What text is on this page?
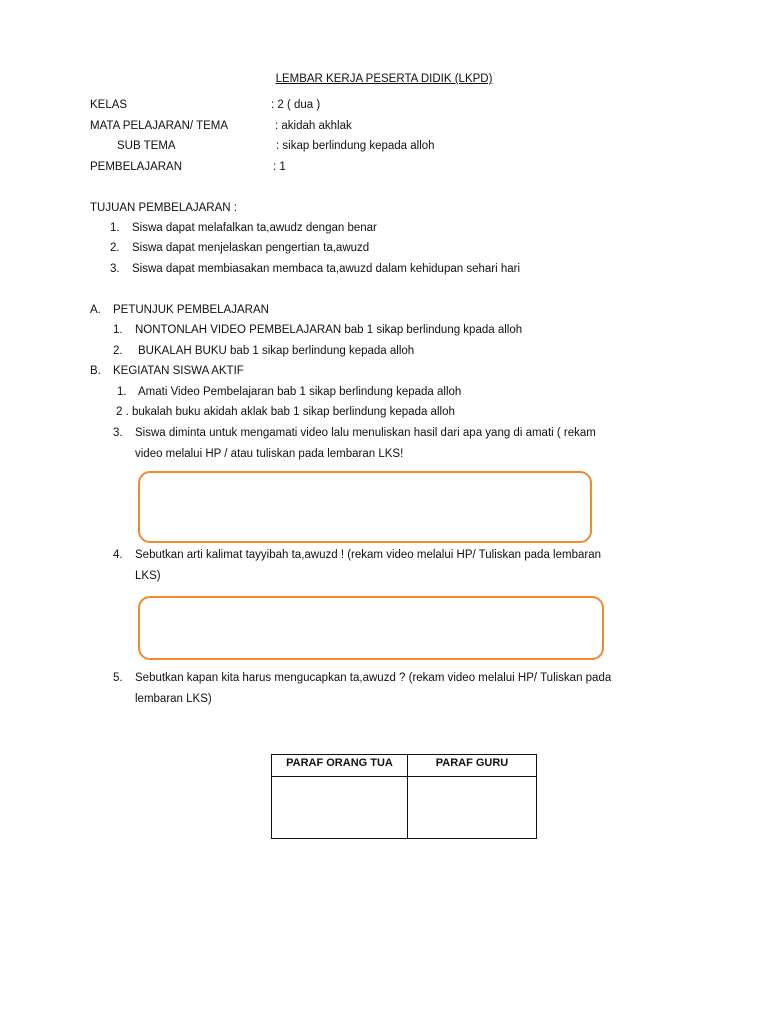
LEMBAR KERJA PESERTA DIDIK (LKPD)
KELAS	: 2 ( dua )
MATA PELAJARAN/ TEMA	: akidah akhlak
SUB TEMA	: sikap berlindung kepada alloh
PEMBELAJARAN	: 1
TUJUAN PEMBELAJARAN :
1. Siswa dapat melafalkan ta,awudz dengan benar
2. Siswa dapat menjelaskan pengertian ta,awuzd
3. Siswa dapat membiasakan membaca ta,awuzd dalam kehidupan sehari hari
A. PETUNJUK PEMBELAJARAN
1. NONTONLAH VIDEO PEMBELAJARAN bab 1 sikap berlindung kpada alloh
2. BUKALAH BUKU bab 1 sikap berlindung kepada alloh
B. KEGIATAN SISWA AKTIF
1. Amati Video Pembelajaran bab 1 sikap berlindung kepada alloh
2 . bukalah buku akidah aklak bab 1 sikap berlindung kepada alloh
3. Siswa diminta untuk mengamati video lalu menuliskan hasil dari apa yang di amati ( rekam
video melalui HP / atau tuliskan pada lembaran LKS!
4. Sebutkan arti kalimat tayyibah ta,awuzd ! (rekam video melalui HP/ Tuliskan pada lembaran
LKS)
5. Sebutkan kapan kita harus mengucapkan ta,awuzd ? (rekam video melalui HP/ Tuliskan pada
lembaran LKS)
PARAF ORANG TUA	PARAF GURU
